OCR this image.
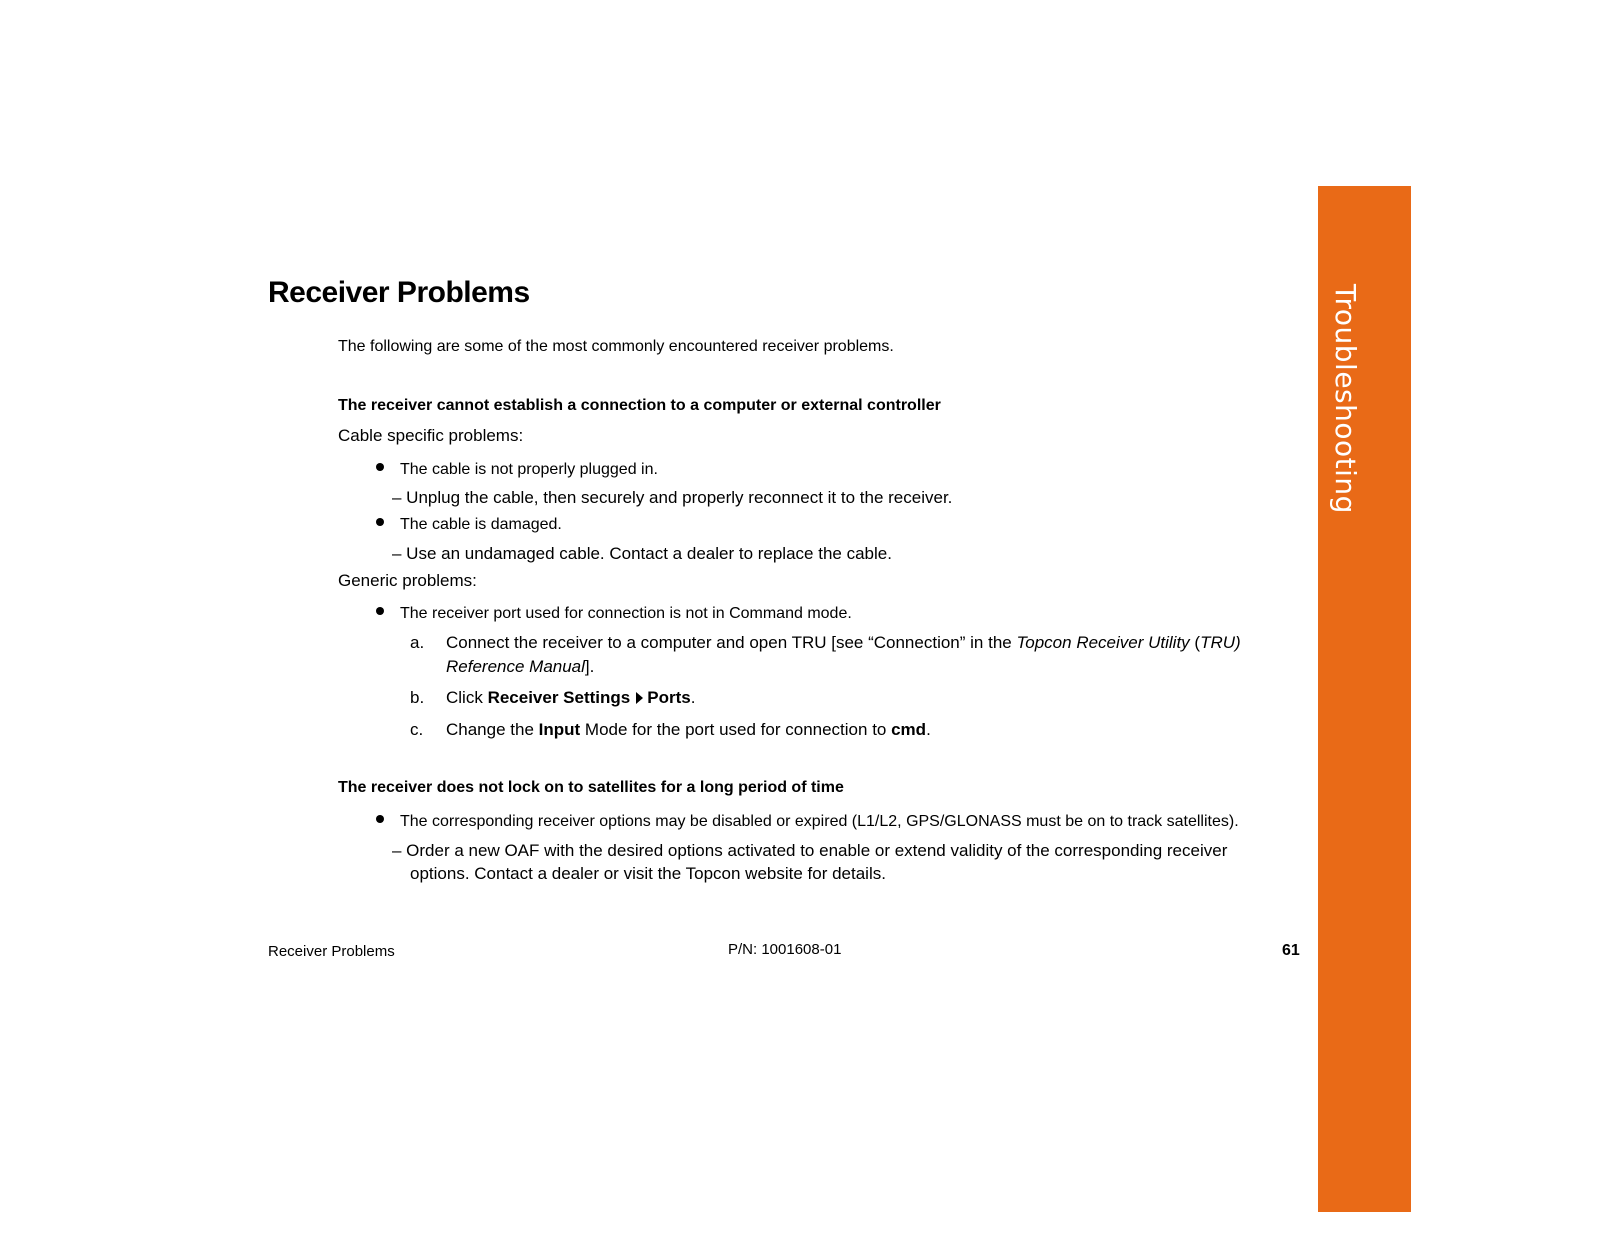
Troubleshooting
Receiver Problems
The following are some of the most commonly encountered receiver problems.
The receiver cannot establish a connection to a computer or external controller
Cable specific problems:
The cable is not properly plugged in.
– Unplug the cable, then securely and properly reconnect it to the receiver.
The cable is damaged.
– Use an undamaged cable. Contact a dealer to replace the cable.
Generic problems:
The receiver port used for connection is not in Command mode.
a. Connect the receiver to a computer and open TRU [see “Connection” in the Topcon Receiver Utility (TRU)
Reference Manual].
b. Click Receiver Settings Ports.
c. Change the Input Mode for the port used for connection to cmd.
The receiver does not lock on to satellites for a long period of time
The corresponding receiver options may be disabled or expired (L1/L2, GPS/GLONASS must be on to track satellites).
– Order a new OAF with the desired options activated to enable or extend validity of the corresponding receiver
options. Contact a dealer or visit the Topcon website for details.
Receiver Problems	P/N: 1001608-01	61
